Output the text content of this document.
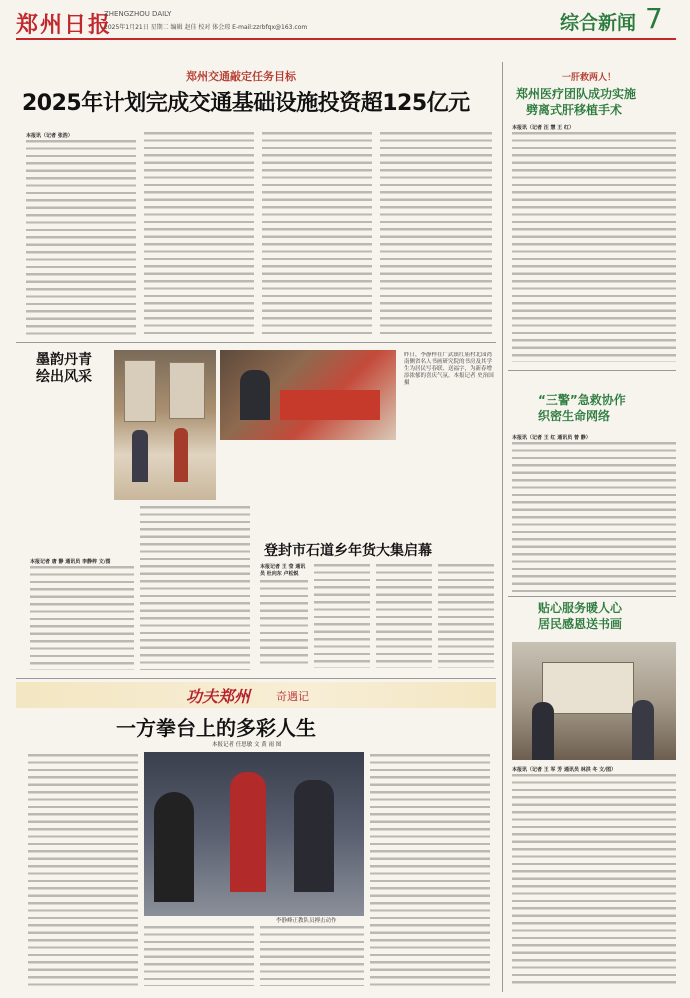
郑州日报
ZHENGZHOU DAILY
2025年1月21日 星期二 编辑 赵佳 校对 体会琼 E-mail:zzrbfqx@163.com	综合新闻 7
郑州交通敲定任务目标
2025年计划完成交通基础设施投资超125亿元
本报讯（记者 张浩）
墨韵丹青
绘出风采
昨日，李静梓在广武镇红庙村北园湾南侧省名人书画研究院的书房及其学生为居民写春联、送福字，为新春增添浓郁的喜庆气氛。本报记者 史治国 摄
本报记者 唐 静 通讯员 李静梓 文/图
登封市石道乡年货大集启幕
本报记者 王 莹 通讯员 杜向东 卢松锐
功夫郑州 奇遇记
一方拳台上的多彩人生
本报记者 任思敏 文 黄 雨 图
李静峰正教队员搏击动作
一肝救两人！
郑州医疗团队成功实施
劈离式肝移植手术
本报讯（记者 汪 慧 王 红）
“三警”急救协作
织密生命网络
本报讯（记者 王 红 通讯员 曾 静）
贴心服务暖人心
居民感恩送书画
本报讯（记者 王 军 芳 通讯员 林洪 冬 文/图）
